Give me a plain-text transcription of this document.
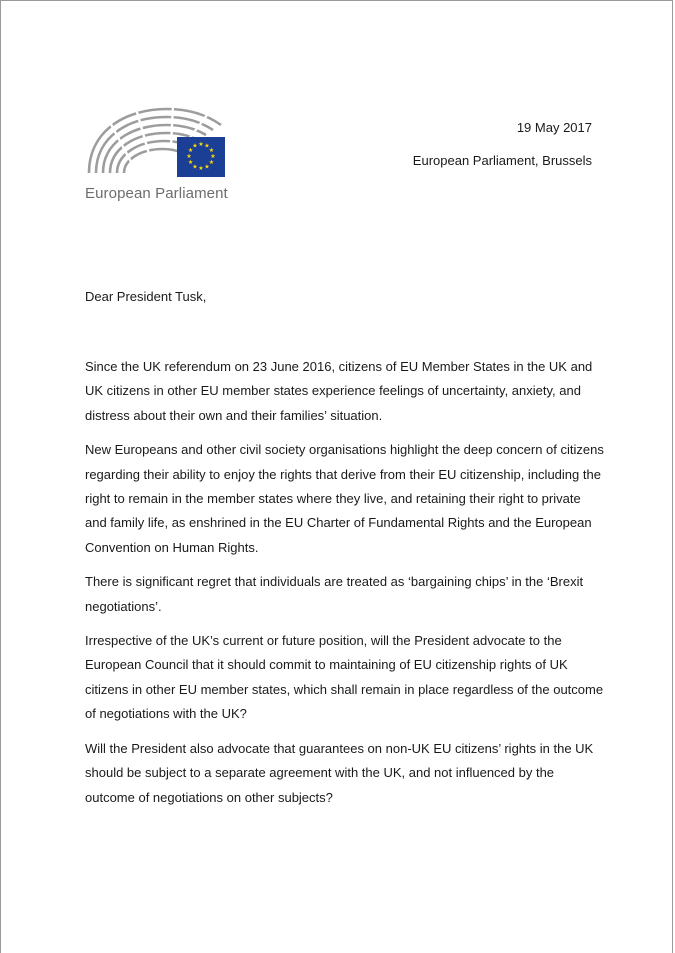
★ ★
★
★
★
★
★
★
★
★
★
★
European Parliament
19 May 2017
European Parliament, Brussels
Dear President Tusk,

Since the UK referendum on 23 June 2016, citizens of EU Member States in the UK and UK citizens in other EU member states experience feelings of uncertainty, anxiety, and distress about their own and their families’ situation.

New Europeans and other civil society organisations highlight the deep concern of citizens regarding their ability to enjoy the rights that derive from their EU citizenship, including the right to remain in the member states where they live, and retaining their right to private and family life, as enshrined in the EU Charter of Fundamental Rights and the European Convention on Human Rights.

There is significant regret that individuals are treated as ‘bargaining chips’ in the ‘Brexit negotiations’.

Irrespective of the UK’s current or future position, will the President advocate to the European Council that it should commit to maintaining of EU citizenship rights of UK citizens in other EU member states, which shall remain in place regardless of the outcome of negotiations with the UK?

Will the President also advocate that guarantees on non-UK EU citizens’ rights in the UK should be subject to a separate agreement with the UK, and not influenced by the outcome of negotiations on other subjects?
